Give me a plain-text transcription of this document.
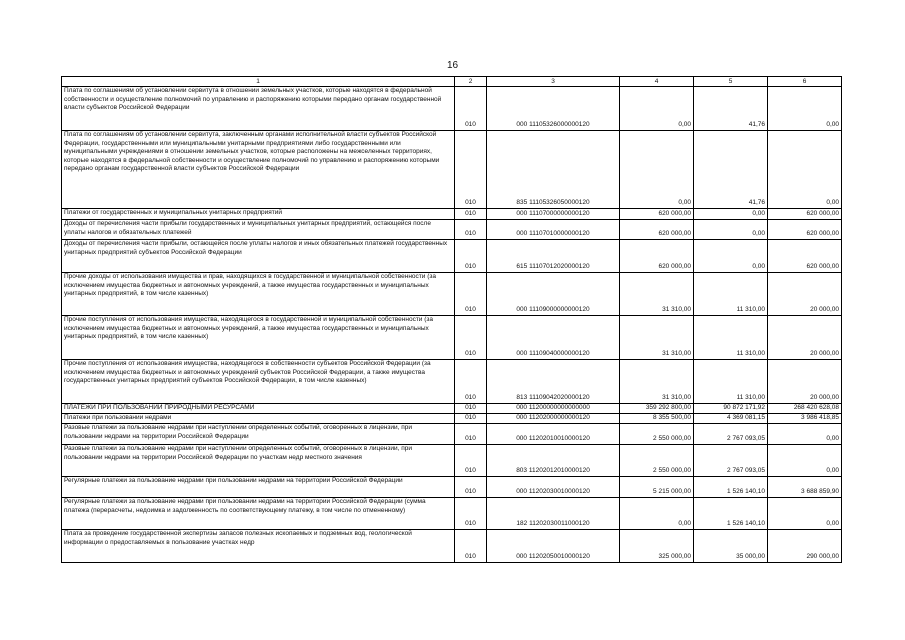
16
1	2	3	4	5	6
Плата по соглашениям об установлении сервитута в отношении земельных участков, которые находятся в федеральной собственности и осуществление полномочий по управлению и распоряжению которыми передано органам государственной власти субъектов Российской Федерации	010	000 11105326000000120	0,00	41,76	0,00
Плата по соглашениям об установлении сервитута, заключенным органами исполнительной власти субъектов Российской Федерации, государственными или муниципальными унитарными предприятиями либо государственными или муниципальными учреждениями в отношении земельных участков, которые расположены на межселенных территориях, которые находятся в федеральной собственности и осуществление полномочий по управлению и распоряжению которыми передано органам государственной власти субъектов Российской Федерации	010	835 11105326050000120	0,00	41,76	0,00
Платежи от государственных и муниципальных унитарных предприятий	010	000 11107000000000120	620 000,00	0,00	620 000,00
Доходы от перечисления части прибыли государственных и муниципальных унитарных предприятий, остающейся после уплаты налогов и обязательных платежей	010	000 11107010000000120	620 000,00	0,00	620 000,00
Доходы от перечисления части прибыли, остающейся после уплаты налогов и иных обязательных платежей государственных унитарных предприятий субъектов Российской Федерации	010	615 11107012020000120	620 000,00	0,00	620 000,00
Прочие доходы от использования имущества и прав, находящихся в государственной и муниципальной собственности (за исключением имущества бюджетных и автономных учреждений, а также имущества государственных и муниципальных унитарных предприятий, в том числе казенных)	010	000 11109000000000120	31 310,00	11 310,00	20 000,00
Прочие поступления от использования имущества, находящегося в государственной и муниципальной собственности (за исключением имущества бюджетных и автономных учреждений, а также имущества государственных и муниципальных унитарных предприятий, в том числе казенных)	010	000 11109040000000120	31 310,00	11 310,00	20 000,00
Прочие поступления от использования имущества, находящегося в собственности субъектов Российской Федерации (за исключением имущества бюджетных и автономных учреждений субъектов Российской Федерации, а также имущества государственных унитарных предприятий субъектов Российской Федерации, в том числе казенных)	010	813 11109042020000120	31 310,00	11 310,00	20 000,00
ПЛАТЕЖИ ПРИ ПОЛЬЗОВАНИИ ПРИРОДНЫМИ РЕСУРСАМИ	010	000 11200000000000000	359 292 800,00	90 872 171,92	268 420 628,08
Платежи при пользовании недрами	010	000 11202000000000120	8 355 500,00	4 369 081,15	3 986 418,85
Разовые платежи за пользование недрами при наступлении определенных событий, оговоренных в лицензии, при пользовании недрами на территории Российской Федерации	010	000 11202010010000120	2 550 000,00	2 767 093,05	0,00
Разовые платежи за пользование недрами при наступлении определенных событий, оговоренных в лицензии, при пользовании недрами на территории Российской Федерации по участкам недр местного значения	010	803 11202012010000120	2 550 000,00	2 767 093,05	0,00
Регулярные платежи за пользование недрами при пользовании недрами на территории Российской Федерации	010	000 11202030010000120	5 215 000,00	1 526 140,10	3 688 859,90
Регулярные платежи за пользование недрами при пользовании недрами на территории Российской Федерации (сумма платежа (перерасчеты, недоимка и задолженность по соответствующему платежу, в том числе по отмененному)	010	182 11202030011000120	0,00	1 526 140,10	0,00
Плата за проведение государственной экспертизы запасов полезных ископаемых и подземных вод, геологической информации о предоставляемых в пользование участках недр	010	000 11202050010000120	325 000,00	35 000,00	290 000,00
